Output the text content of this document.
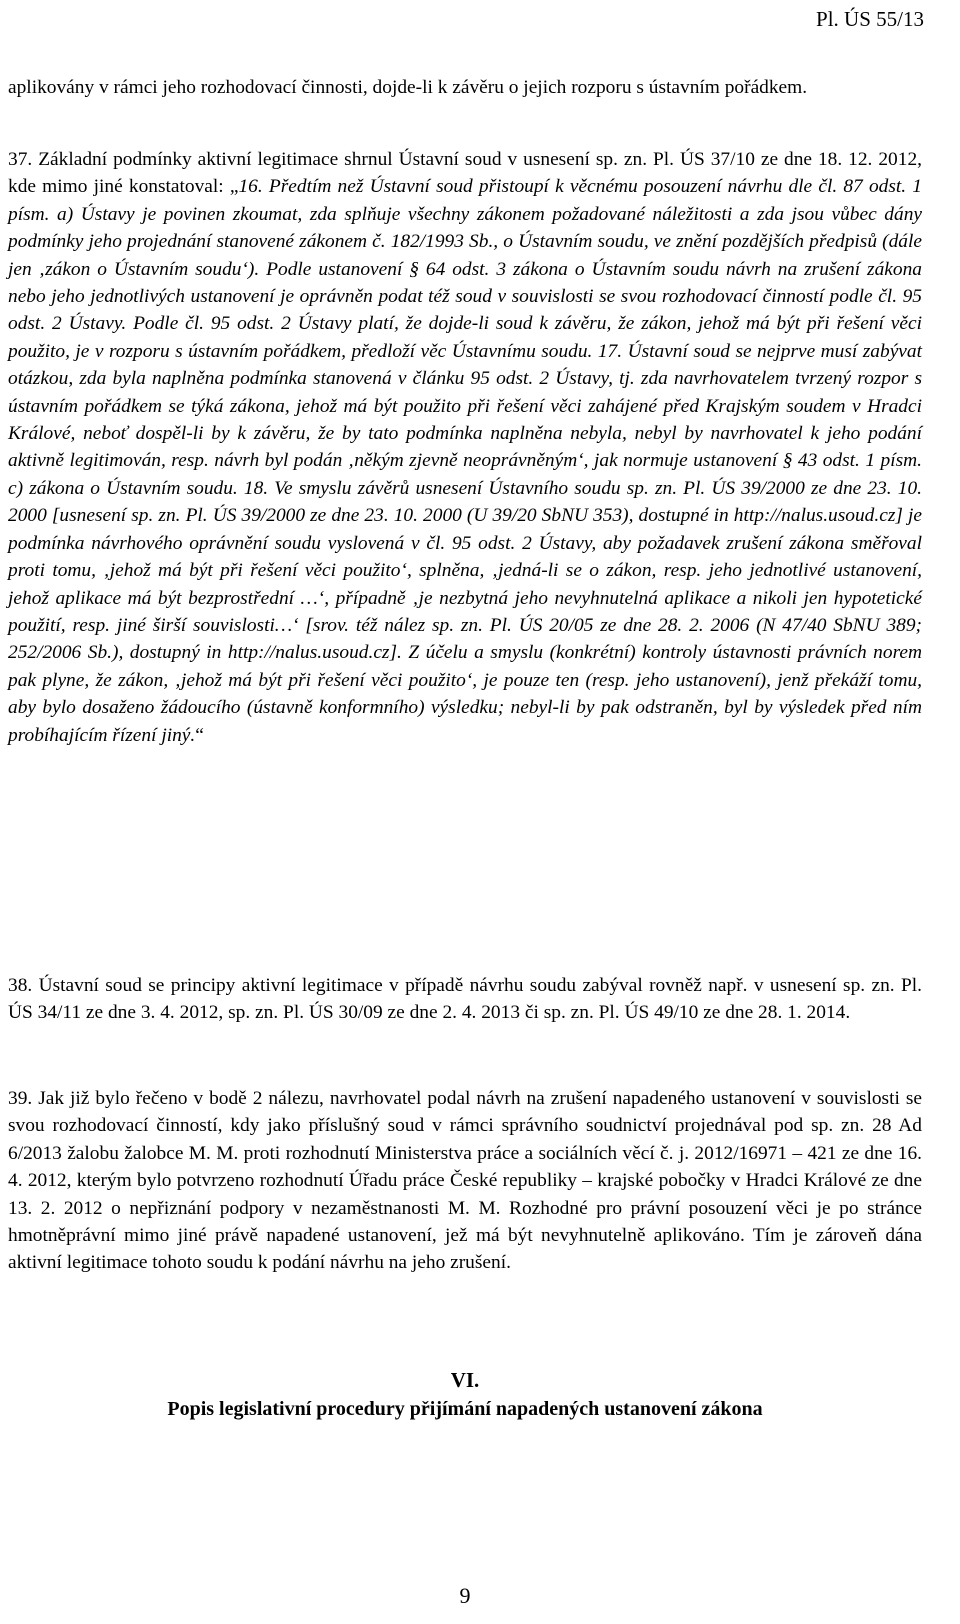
Pl. ÚS 55/13

aplikovány v rámci jeho rozhodovací činnosti, dojde-li k závěru o jejich rozporu s ústavním pořádkem.

37. Základní podmínky aktivní legitimace shrnul Ústavní soud v usnesení sp. zn. Pl. ÚS 37/10 ze dne 18. 12. 2012, kde mimo jiné konstatoval: „16. Předtím než Ústavní soud přistoupí k věcnému posouzení návrhu dle čl. 87 odst. 1 písm. a) Ústavy je povinen zkoumat, zda splňuje všechny zákonem požadované náležitosti a zda jsou vůbec dány podmínky jeho projednání stanovené zákonem č. 182/1993 Sb., o Ústavním soudu, ve znění pozdějších předpisů (dále jen ‚zákon o Ústavním soudu‘). Podle ustanovení § 64 odst. 3 zákona o Ústavním soudu návrh na zrušení zákona nebo jeho jednotlivých ustanovení je oprávněn podat též soud v souvislosti se svou rozhodovací činností podle čl. 95 odst. 2 Ústavy. Podle čl. 95 odst. 2 Ústavy platí, že dojde-li soud k závěru, že zákon, jehož má být při řešení věci použito, je v rozporu s ústavním pořádkem, předloží věc Ústavnímu soudu. 17. Ústavní soud se nejprve musí zabývat otázkou, zda byla naplněna podmínka stanovená v článku 95 odst. 2 Ústavy, tj. zda navrhovatelem tvrzený rozpor s ústavním pořádkem se týká zákona, jehož má být použito při řešení věci zahájené před Krajským soudem v Hradci Králové, neboť dospěl-li by k závěru, že by tato podmínka naplněna nebyla, nebyl by navrhovatel k jeho podání aktivně legitimován, resp. návrh byl podán ‚někým zjevně neoprávněným‘, jak normuje ustanovení § 43 odst. 1 písm. c) zákona o Ústavním soudu. 18. Ve smyslu závěrů usnesení Ústavního soudu sp. zn. Pl. ÚS 39/2000 ze dne 23. 10. 2000 [usnesení sp. zn. Pl. ÚS 39/2000 ze dne 23. 10. 2000 (U 39/20 SbNU 353), dostupné in http://nalus.usoud.cz] je podmínka návrhového oprávnění soudu vyslovená v čl. 95 odst. 2 Ústavy, aby požadavek zrušení zákona směřoval proti tomu, ‚jehož má být při řešení věci použito‘, splněna, ‚jedná-li se o zákon, resp. jeho jednotlivé ustanovení, jehož aplikace má být bezprostřední …‘, případně ‚je nezbytná jeho nevyhnutelná aplikace a nikoli jen hypotetické použití, resp. jiné širší souvislosti…‘ [srov. též nález sp. zn. Pl. ÚS 20/05 ze dne 28. 2. 2006 (N 47/40 SbNU 389; 252/2006 Sb.), dostupný in http://nalus.usoud.cz]. Z účelu a smyslu (konkrétní) kontroly ústavnosti právních norem pak plyne, že zákon, ‚jehož má být při řešení věci použito‘, je pouze ten (resp. jeho ustanovení), jenž překáží tomu, aby bylo dosaženo žádoucího (ústavně konformního) výsledku; nebyl-li by pak odstraněn, byl by výsledek před ním probíhajícím řízení jiný.“

38. Ústavní soud se principy aktivní legitimace v případě návrhu soudu zabýval rovněž např. v usnesení sp. zn. Pl. ÚS 34/11 ze dne 3. 4. 2012, sp. zn. Pl. ÚS 30/09 ze dne 2. 4. 2013 či sp. zn. Pl. ÚS 49/10 ze dne 28. 1. 2014.

39. Jak již bylo řečeno v bodě 2 nálezu, navrhovatel podal návrh na zrušení napadeného ustanovení v souvislosti se svou rozhodovací činností, kdy jako příslušný soud v rámci správního soudnictví projednával pod sp. zn. 28 Ad 6/2013 žalobu žalobce M. M. proti rozhodnutí Ministerstva práce a sociálních věcí č. j. 2012/16971 – 421 ze dne 16. 4. 2012, kterým bylo potvrzeno rozhodnutí Úřadu práce České republiky – krajské pobočky v Hradci Králové ze dne 13. 2. 2012 o nepřiznání podpory v nezaměstnanosti M. M. Rozhodné pro právní posouzení věci je po stránce hmotněprávní mimo jiné právě napadené ustanovení, jež má být nevyhnutelně aplikováno. Tím je zároveň dána aktivní legitimace tohoto soudu k podání návrhu na jeho zrušení.

VI.
Popis legislativní procedury přijímání napadených ustanovení zákona
9
